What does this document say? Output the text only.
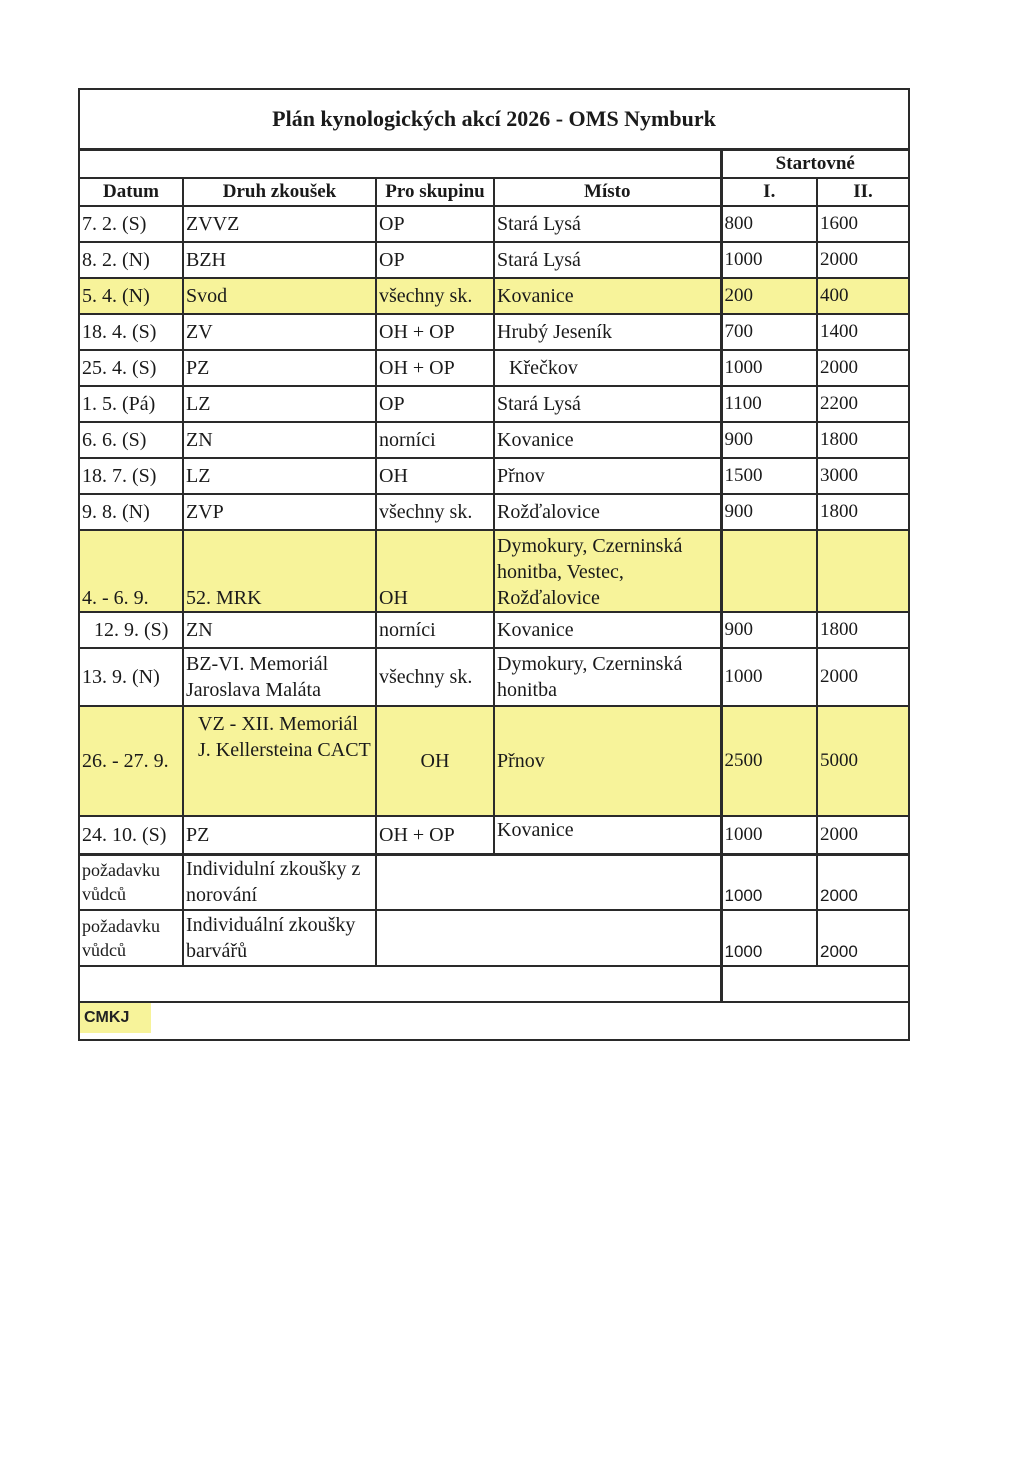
Plán kynologických akcí 2026 - OMS Nymburk					
				Startovné	
Datum	Druh zkoušek	Pro skupinu	Místo	I.	II.
7. 2. (S)	ZVVZ	OP	Stará Lysá	800	1600
8. 2. (N)	BZH	OP	Stará Lysá	1000	2000
5. 4. (N)	Svod	všechny sk.	Kovanice	200	400
18. 4. (S)	ZV	OH + OP	Hrubý Jeseník	700	1400
25. 4. (S)	PZ	OH + OP	Křečkov	1000	2000
1. 5. (Pá)	LZ	OP	Stará Lysá	1100	2200
6. 6. (S)	ZN	norníci	Kovanice	900	1800
18. 7. (S)	LZ	OH	Přnov	1500	3000
9. 8. (N)	ZVP	všechny sk.	Rožďalovice	900	1800
4. - 6. 9.	52. MRK	OH	Dymokury, Czerninská honitba, Vestec, Rožďalovice		
12. 9. (S)	ZN	norníci	Kovanice	900	1800
13. 9. (N)	BZ-VI. Memoriál Jaroslava Maláta	všechny sk.	Dymokury, Czerninská honitba	1000	2000
26. - 27. 9.	VZ - XII. Memoriál J. Kellersteina CACT	OH	Přnov	2500	5000
24. 10. (S)	PZ	OH + OP	Kovanice	1000	2000
požadavku vůdců	Individulní zkoušky z norování			1000	2000
požadavku vůdců	Individuální zkoušky barvářů			1000	2000

CMKJ					
